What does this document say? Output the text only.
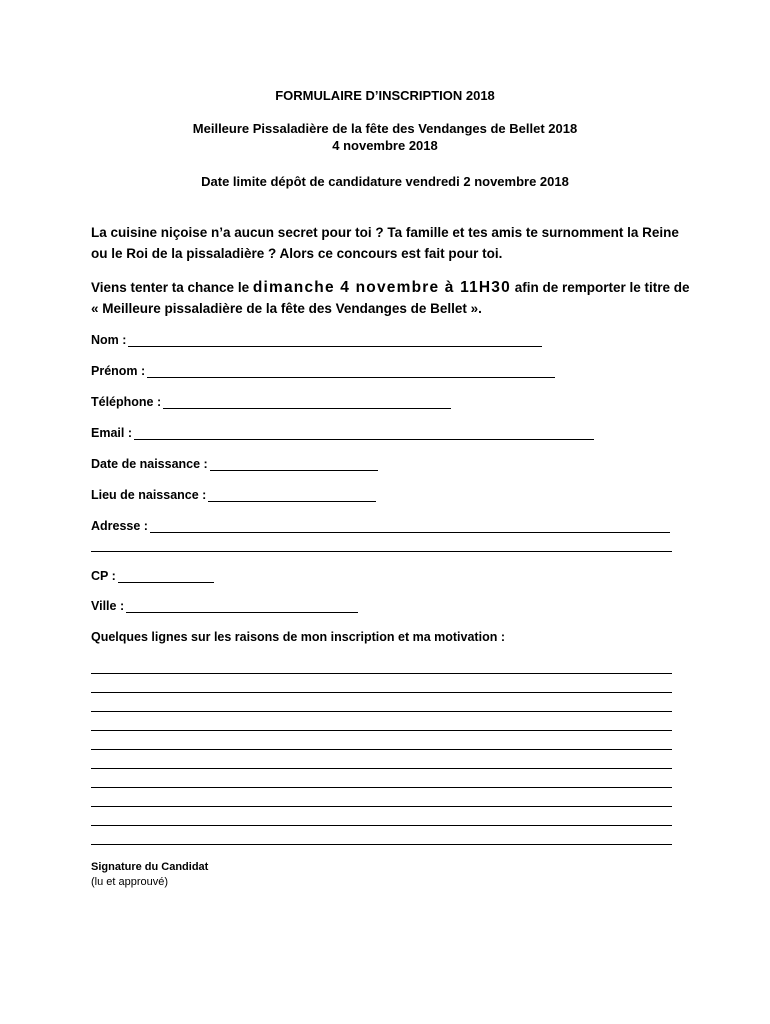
FORMULAIRE D’INSCRIPTION 2018
Meilleure Pissaladière de la fête des Vendanges de Bellet 2018
4 novembre 2018
Date limite dépôt de candidature vendredi 2 novembre 2018
La cuisine niçoise n’a aucun secret pour toi ? Ta famille et tes amis te surnomment la Reine ou le Roi de la pissaladière ? Alors ce concours est fait pour toi.
Viens tenter ta chance le dimanche 4 novembre à 11H30 afin de remporter le titre de « Meilleure pissaladière de la fête des Vendanges de Bellet ».
Nom :
Prénom :
Téléphone :
Email :
Date de naissance :
Lieu de naissance :
Adresse :
CP :
Ville :
Quelques lignes sur les raisons de mon inscription et ma motivation :
Signature du Candidat
(lu et approuvé)
